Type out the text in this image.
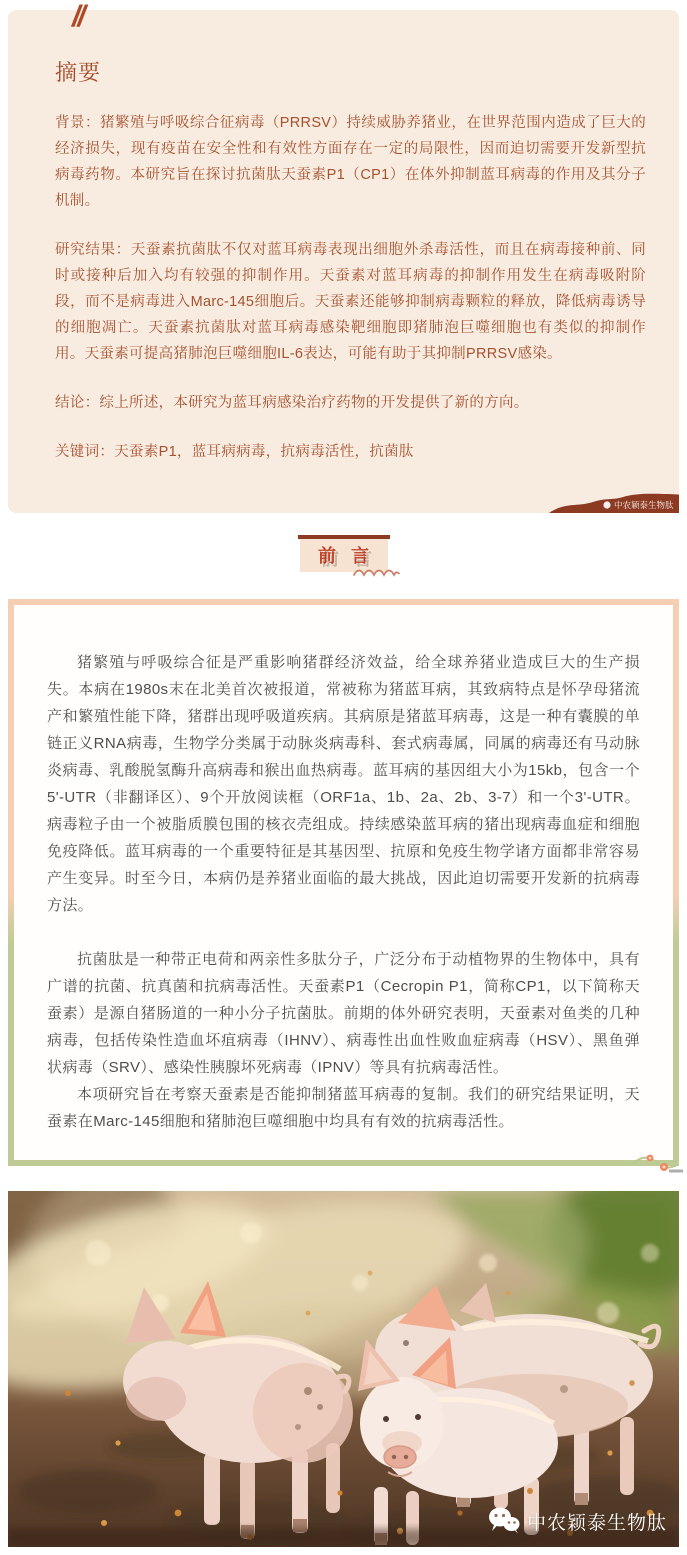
//
摘要

背景：猪繁殖与呼吸综合征病毒（PRRSV）持续威胁养猪业，在世界范围内造成了巨大的经济损失，现有疫苗在安全性和有效性方面存在一定的局限性，因而迫切需要开发新型抗病毒药物。本研究旨在探讨抗菌肽天蚕素P1（CP1）在体外抑制蓝耳病毒的作用及其分子机制。

研究结果：天蚕素抗菌肽不仅对蓝耳病毒表现出细胞外杀毒活性，而且在病毒接种前、同时或接种后加入均有较强的抑制作用。天蚕素对蓝耳病毒的抑制作用发生在病毒吸附阶段，而不是病毒进入Marc-145细胞后。天蚕素还能够抑制病毒颗粒的释放，降低病毒诱导的细胞凋亡。天蚕素抗菌肽对蓝耳病毒感染靶细胞即猪肺泡巨噬细胞也有类似的抑制作用。天蚕素可提高猪肺泡巨噬细胞IL-6表达，可能有助于其抑制PRRSV感染。

结论：综上所述，本研究为蓝耳病感染治疗药物的开发提供了新的方向。

关键词：天蚕素P1，蓝耳病病毒，抗病毒活性，抗菌肽

中农颖泰生物肽
前 言

猪繁殖与呼吸综合征是严重影响猪群经济效益，给全球养猪业造成巨大的生产损失。本病在1980s末在北美首次被报道，常被称为猪蓝耳病，其致病特点是怀孕母猪流产和繁殖性能下降，猪群出现呼吸道疾病。其病原是猪蓝耳病毒，这是一种有囊膜的单链正义RNA病毒，生物学分类属于动脉炎病毒科、套式病毒属，同属的病毒还有马动脉炎病毒、乳酸脱氢酶升高病毒和猴出血热病毒。蓝耳病的基因组大小为15kb，包含一个5'-UTR（非翻译区）、9个开放阅读框（ORF1a、1b、2a、2b、3-7）和一个3'-UTR。病毒粒子由一个被脂质膜包围的核衣壳组成。持续感染蓝耳病的猪出现病毒血症和细胞免疫降低。蓝耳病毒的一个重要特征是其基因型、抗原和免疫生物学诸方面都非常容易产生变异。时至今日，本病仍是养猪业面临的最大挑战，因此迫切需要开发新的抗病毒方法。

抗菌肽是一种带正电荷和两亲性多肽分子，广泛分布于动植物界的生物体中，具有广谱的抗菌、抗真菌和抗病毒活性。天蚕素P1（Cecropin P1，简称CP1，以下简称天蚕素）是源自猪肠道的一种小分子抗菌肽。前期的体外研究表明，天蚕素对鱼类的几种病毒，包括传染性造血坏疽病毒（IHNV）、病毒性出血性败血症病毒（HSV）、黑鱼弹状病毒（SRV）、感染性胰腺坏死病毒（IPNV）等具有抗病毒活性。

本项研究旨在考察天蚕素是否能抑制猪蓝耳病毒的复制。我们的研究结果证明，天蚕素在Marc-145细胞和猪肺泡巨噬细胞中均具有有效的抗病毒活性。

中农颖泰生物肽
